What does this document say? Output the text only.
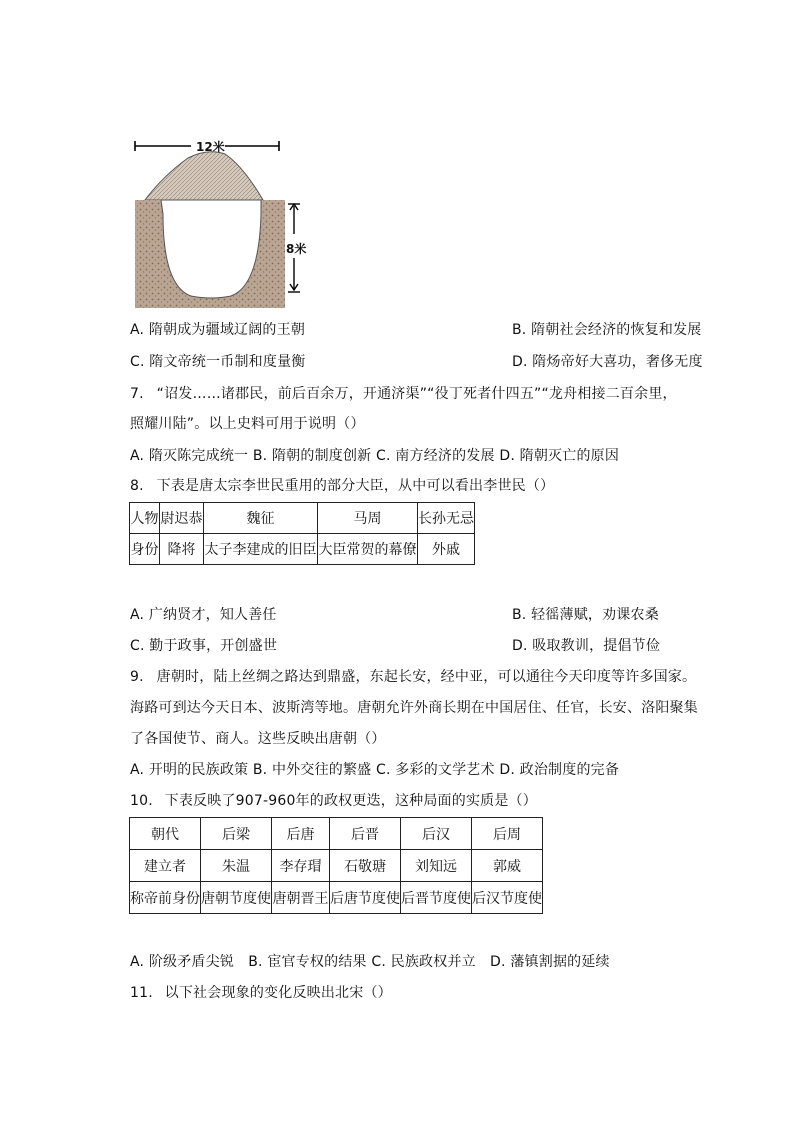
12米
8米
A. 隋朝成为疆域辽阔的王朝	B. 隋朝社会经济的恢复和发展
C. 隋文帝统一币制和度量衡	D. 隋炀帝好大喜功，奢侈无度
7. “诏发……诸郡民，前后百余万，开通济渠”“役丁死者什四五”“龙舟相接二百余里，
照耀川陆”。以上史料可用于说明（）
A. 隋灭陈完成统一 B. 隋朝的制度创新 C. 南方经济的发展 D. 隋朝灭亡的原因
8. 下表是唐太宗李世民重用的部分大臣，从中可以看出李世民（）
人物	尉迟恭	魏征	马周	长孙无忌
身份	降将	太子李建成的旧臣	大臣常贺的幕僚	外戚
A. 广纳贤才，知人善任	B. 轻徭薄赋，劝课农桑
C. 勤于政事，开创盛世	D. 吸取教训，提倡节俭
9. 唐朝时，陆上丝绸之路达到鼎盛，东起长安，经中亚，可以通往今天印度等许多国家。
海路可到达今天日本、波斯湾等地。唐朝允许外商长期在中国居住、任官，长安、洛阳聚集
了各国使节、商人。这些反映出唐朝（）
A. 开明的民族政策 B. 中外交往的繁盛 C. 多彩的文学艺术 D. 政治制度的完备
10. 下表反映了907-960年的政权更迭，这种局面的实质是（）
朝代	后梁	后唐	后晋	后汉	后周
建立者	朱温	李存瑁	石敬瑭	刘知远	郭威
称帝前身份	唐朝节度使	唐朝晋王	后唐节度使	后晋节度使	后汉节度使
A. 阶级矛盾尖锐　B. 宦官专权的结果 C. 民族政权并立　D. 藩镇割据的延续
11. 以下社会现象的变化反映出北宋（）
